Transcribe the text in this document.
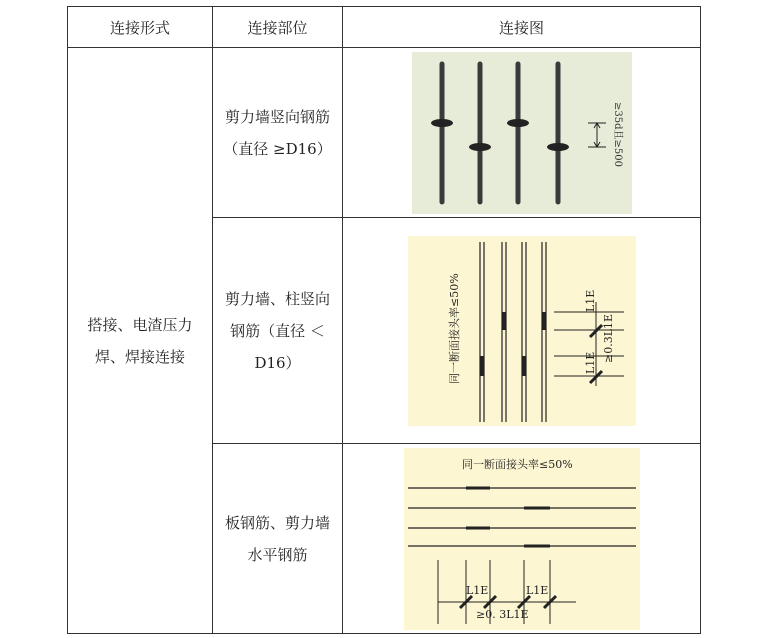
连接形式	连接部位	连接图

搭接、电渣压力焊、焊接连接	剪力墙竖向钢筋（直径 ≥D16）	≥35d且≥500

	剪力墙、柱竖向钢筋（直径 ＜ D16）	同一断面接头率≤50% L1E
≥0.3L1E
L1E

	板钢筋、剪力墙水平钢筋	同一断面接头率≤50%
L1E L1E
≥0. 3L1E
